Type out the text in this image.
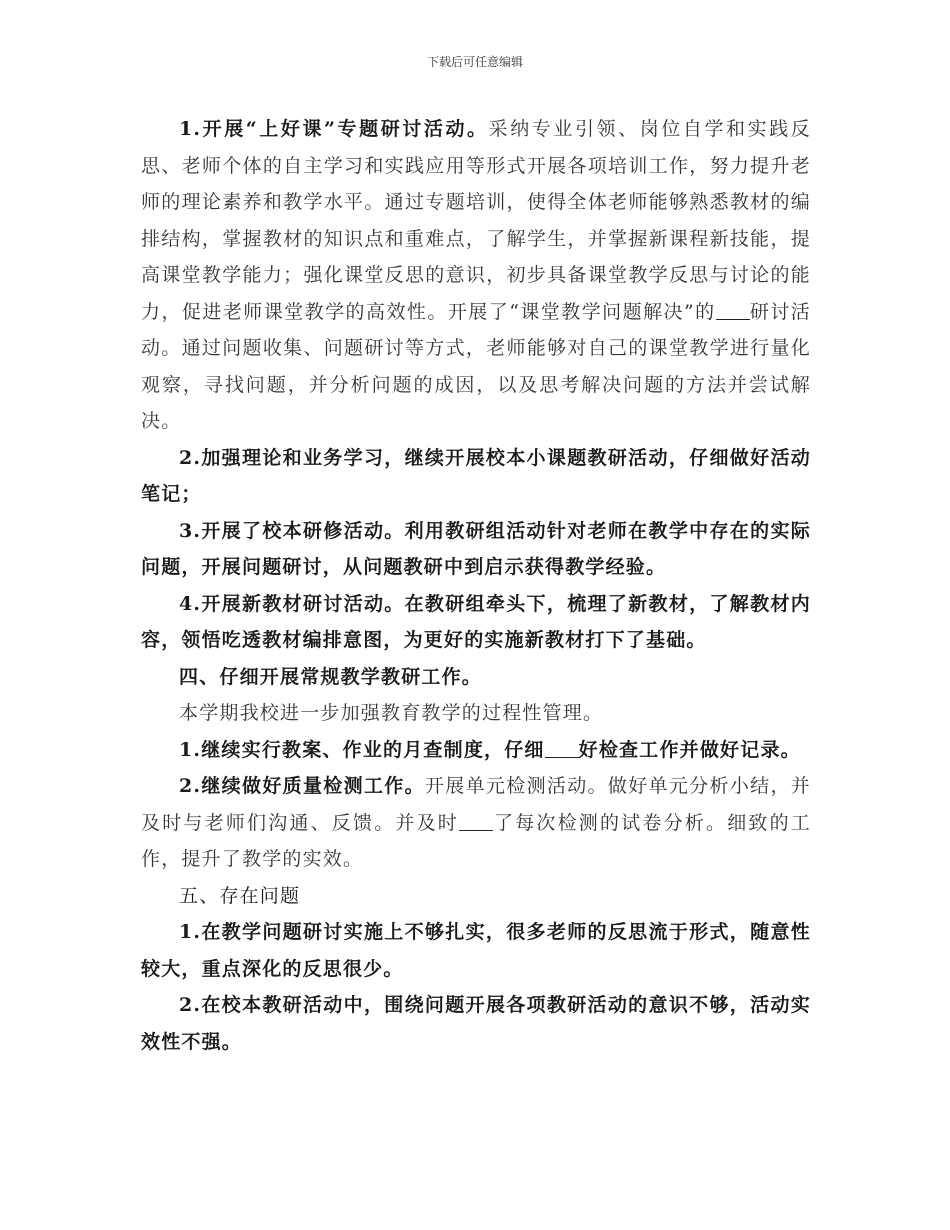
下载后可任意编辑

1.开展“上好课”专题研讨活动。采纳专业引领、岗位自学和实践反思、老师个体的自主学习和实践应用等形式开展各项培训工作，努力提升老师的理论素养和教学水平。通过专题培训，使得全体老师能够熟悉教材的编排结构，掌握教材的知识点和重难点，了解学生，并掌握新课程新技能，提高课堂教学能力；强化课堂反思的意识，初步具备课堂教学反思与讨论的能力，促进老师课堂教学的高效性。开展了“课堂教学问题解决”的 研讨活动。通过问题收集、问题研讨等方式，老师能够对自己的课堂教学进行量化观察，寻找问题，并分析问题的成因，以及思考解决问题的方法并尝试解决。

2.加强理论和业务学习，继续开展校本小课题教研活动，仔细做好活动笔记；

3.开展了校本研修活动。利用教研组活动针对老师在教学中存在的实际问题，开展问题研讨，从问题教研中到启示获得教学经验。

4.开展新教材研讨活动。在教研组牵头下，梳理了新教材，了解教材内容，领悟吃透教材编排意图，为更好的实施新教材打下了基础。

四、仔细开展常规教学教研工作。

本学期我校进一步加强教育教学的过程性管理。

1.继续实行教案、作业的月查制度，仔细 好检查工作并做好记录。

2.继续做好质量检测工作。开展单元检测活动。做好单元分析小结，并及时与老师们沟通、反馈。并及时 了每次检测的试卷分析。细致的工作，提升了教学的实效。

五、存在问题

1.在教学问题研讨实施上不够扎实，很多老师的反思流于形式，随意性较大，重点深化的反思很少。

2.在校本教研活动中，围绕问题开展各项教研活动的意识不够，活动实效性不强。
